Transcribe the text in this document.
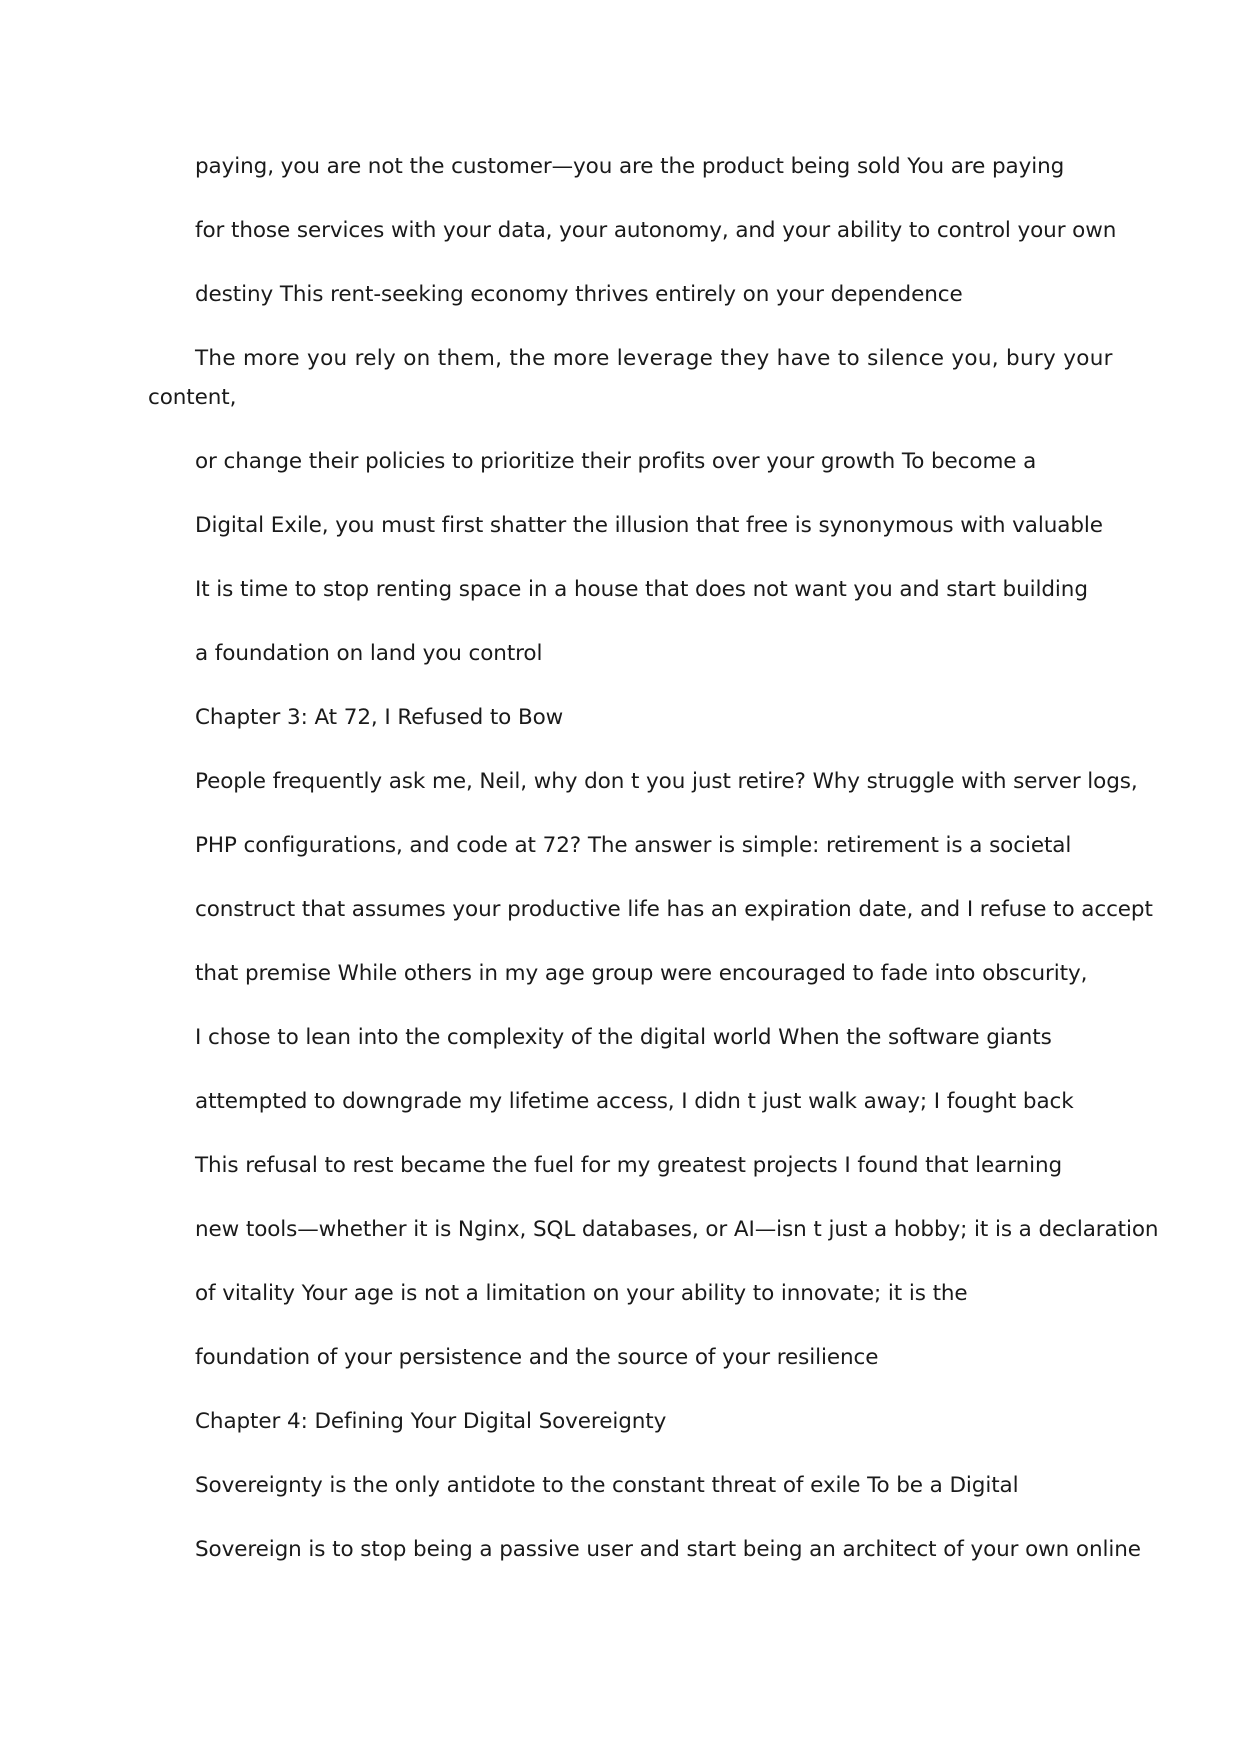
paying, you are not the customer—you are the product being sold You are paying
for those services with your data, your autonomy, and your ability to control your own
destiny This rent-seeking economy thrives entirely on your dependence
The more you rely on them, the more leverage they have to silence you, bury your
content,
or change their policies to prioritize their profits over your growth To become a
Digital Exile, you must first shatter the illusion that free is synonymous with valuable
It is time to stop renting space in a house that does not want you and start building
a foundation on land you control
Chapter 3: At 72, I Refused to Bow
People frequently ask me, Neil, why don t you just retire? Why struggle with server logs,
PHP configurations, and code at 72? The answer is simple: retirement is a societal
construct that assumes your productive life has an expiration date, and I refuse to accept
that premise While others in my age group were encouraged to fade into obscurity,
I chose to lean into the complexity of the digital world When the software giants
attempted to downgrade my lifetime access, I didn t just walk away; I fought back
This refusal to rest became the fuel for my greatest projects I found that learning
new tools—whether it is Nginx, SQL databases, or AI—isn t just a hobby; it is a declaration
of vitality Your age is not a limitation on your ability to innovate; it is the
foundation of your persistence and the source of your resilience
Chapter 4: Defining Your Digital Sovereignty
Sovereignty is the only antidote to the constant threat of exile To be a Digital
Sovereign is to stop being a passive user and start being an architect of your own online
